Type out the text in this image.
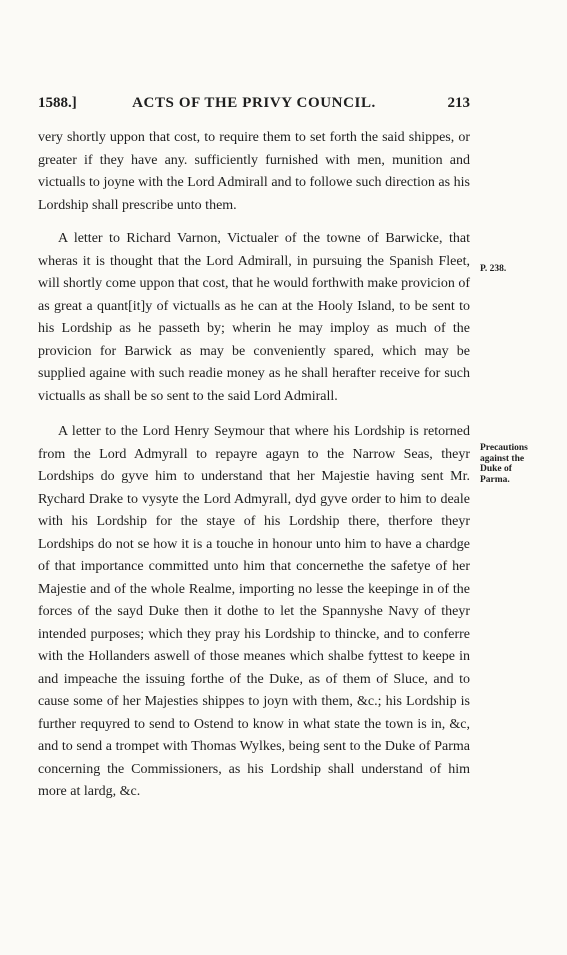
1588.]	ACTS OF THE PRIVY COUNCIL.	213

very shortly uppon that cost, to require them to set forth the said shippes, or greater if they have any. sufficiently furnished with men, munition and victualls to joyne with the Lord Admirall and to followe such direction as his Lordship shall prescribe unto them.

A letter to Richard Varnon, Victualer of the towne of Barwicke, that wheras it is thought that the Lord Admirall, in pursuing the Spanish Fleet, will shortly come uppon that cost, that he would forthwith make provicion of as great a quant[it]y of victualls as he can at the Hooly Island, to be sent to his Lordship as he passeth by; wherin he may imploy as much of the provicion for Barwick as may be conveniently spared, which may be supplied againe with such readie money as he shall herafter receive for such victualls as shall be so sent to the said Lord Admirall.

A letter to the Lord Henry Seymour that where his Lordship is retorned from the Lord Admyrall to repayre agayn to the Narrow Seas, theyr Lordships do gyve him to understand that her Majestie having sent Mr. Rychard Drake to vysyte the Lord Admyrall, dyd gyve order to him to deale with his Lordship for the staye of his Lordship there, therfore theyr Lordships do not se how it is a touche in honour unto him to have a chardge of that importance committed unto him that concernethe the safetye of her Majestie and of the whole Realme, importing no lesse the keepinge in of the forces of the sayd Duke then it dothe to let the Spannyshe Navy of theyr intended purposes; which they pray his Lordship to thincke, and to conferre with the Hollanders aswell of those meanes which shalbe fyttest to keepe in and impeache the issuing forthe of the Duke, as of them of Sluce, and to cause some of her Majesties shippes to joyn with them, &c.; his Lordship is further requyred to send to Ostend to know in what state the town is in, &c, and to send a trompet with Thomas Wylkes, being sent to the Duke of Parma concerning the Commissioners, as his Lordship shall understand of him more at lardg, &c.

P. 238.
Precautions against the Duke of Parma.
